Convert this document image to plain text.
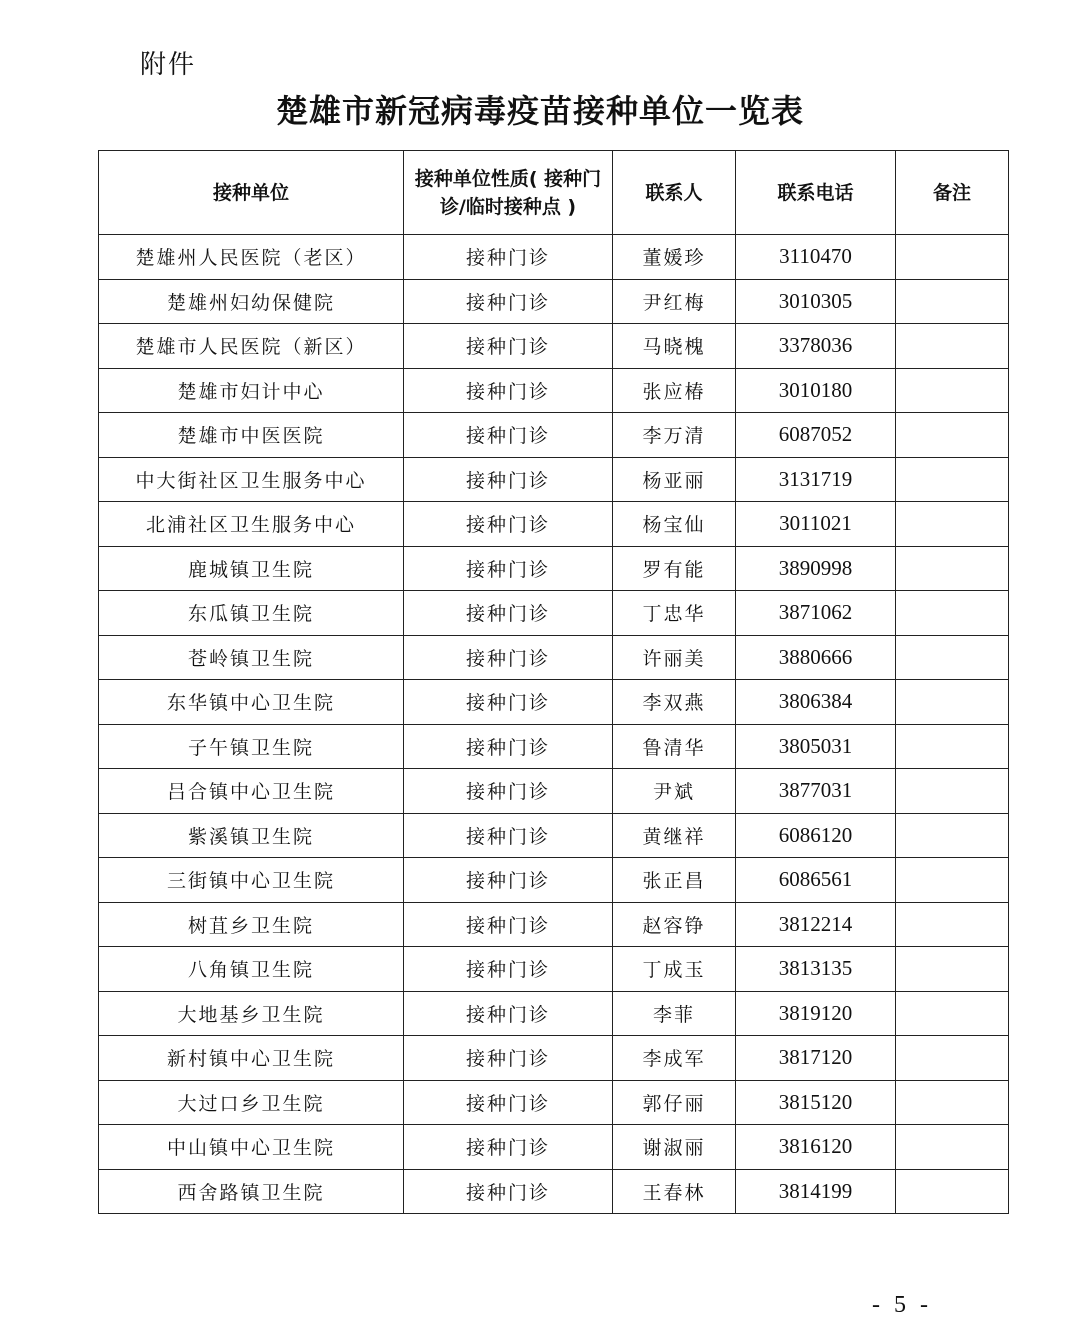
附件
楚雄市新冠病毒疫苗接种单位一览表
接种单位	接种单位性质( 接种门诊/临时接种点 )	联系人	联系电话	备注
楚雄州人民医院（老区）	接种门诊	董媛珍	3110470	
楚雄州妇幼保健院	接种门诊	尹红梅	3010305	
楚雄市人民医院（新区）	接种门诊	马晓槐	3378036	
楚雄市妇计中心	接种门诊	张应椿	3010180	
楚雄市中医医院	接种门诊	李万清	6087052	
中大街社区卫生服务中心	接种门诊	杨亚丽	3131719	
北浦社区卫生服务中心	接种门诊	杨宝仙	3011021	
鹿城镇卫生院	接种门诊	罗有能	3890998	
东瓜镇卫生院	接种门诊	丁忠华	3871062	
苍岭镇卫生院	接种门诊	许丽美	3880666	
东华镇中心卫生院	接种门诊	李双燕	3806384	
子午镇卫生院	接种门诊	鲁清华	3805031	
吕合镇中心卫生院	接种门诊	尹斌	3877031	
紫溪镇卫生院	接种门诊	黄继祥	6086120	
三街镇中心卫生院	接种门诊	张正昌	6086561	
树苴乡卫生院	接种门诊	赵容铮	3812214	
八角镇卫生院	接种门诊	丁成玉	3813135	
大地基乡卫生院	接种门诊	李菲	3819120	
新村镇中心卫生院	接种门诊	李成军	3817120	
大过口乡卫生院	接种门诊	郭仔丽	3815120	
中山镇中心卫生院	接种门诊	谢淑丽	3816120	
西舍路镇卫生院	接种门诊	王春林	3814199	
- 5 -
